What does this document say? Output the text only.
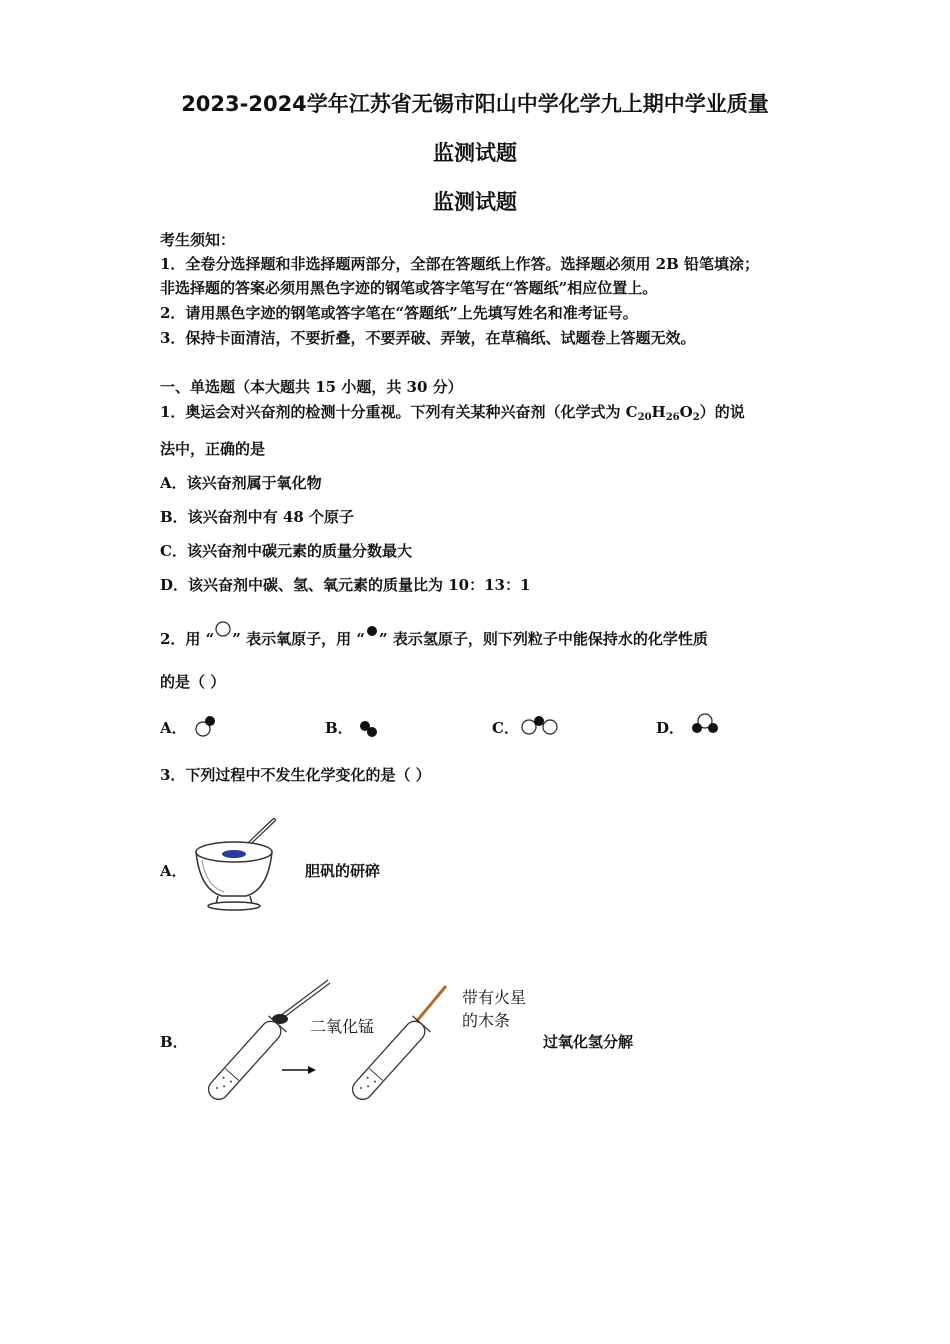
2023-2024学年江苏省无锡市阳山中学化学九上期中学业质量
监测试题
监测试题
考生须知：
1．全卷分选择题和非选择题两部分，全部在答题纸上作答。选择题必须用 2B 铅笔填涂；
非选择题的答案必须用黑色字迹的钢笔或答字笔写在“答题纸”相应位置上。
2．请用黑色字迹的钢笔或答字笔在“答题纸”上先填写姓名和准考证号。
3．保持卡面清洁，不要折叠，不要弄破、弄皱，在草稿纸、试题卷上答题无效。
一、单选题（本大题共 15 小题，共 30 分）
1．奥运会对兴奋剂的检测十分重视。下列有关某种兴奋剂（化学式为 $C_{20}H_{26}O_2$）的说
法中，正确的是
A．该兴奋剂属于氧化物
B．该兴奋剂中有 48 个原子
C．该兴奋剂中碳元素的质量分数最大
D．该兴奋剂中碳、氢、氧元素的质量比为 10：13：1
2．用 “ ” 表示氧原子，用 “ ” 表示氢原子，则下列粒子中能保持水的化学性质
的是（ ）
A．	B．	C．	D．
3．下列过程中不发生化学变化的是（ ）
A．	胆矾的研碎
B．
二氧化锰
带有火星
的木条
过氧化氢分解
